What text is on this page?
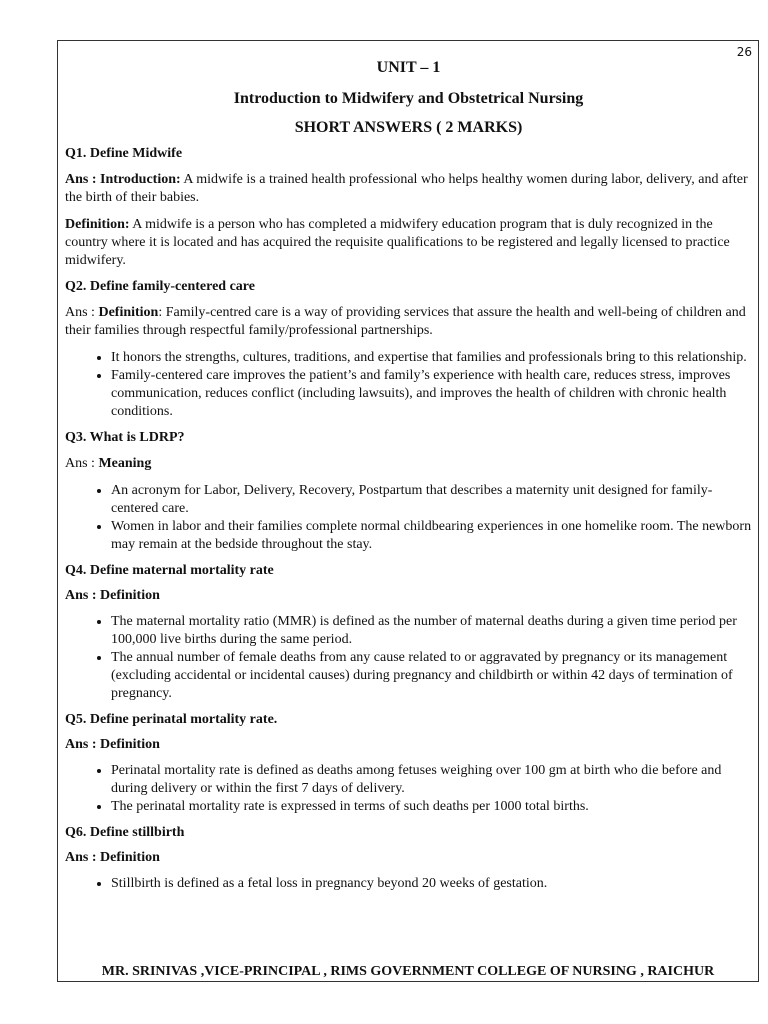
26
UNIT – 1
Introduction to Midwifery and Obstetrical Nursing
SHORT ANSWERS ( 2 MARKS)
Q1. Define Midwife

Ans : Introduction: A midwife is a trained health professional who helps healthy women during labor, delivery, and after the birth of their babies.

Definition: A midwife is a person who has completed a midwifery education program that is duly recognized in the country where it is located and has acquired the requisite qualifications to be registered and legally licensed to practice midwifery.

Q2. Define family-centered care

Ans : Definition: Family-centred care is a way of providing services that assure the health and well-being of children and their families through respectful family/professional partnerships.

• It honors the strengths, cultures, traditions, and expertise that families and professionals bring to this relationship.
• Family-centered care improves the patient’s and family’s experience with health care, reduces stress, improves communication, reduces conflict (including lawsuits), and improves the health of children with chronic health conditions.
Q3. What is LDRP?

Ans : Meaning

• An acronym for Labor, Delivery, Recovery, Postpartum that describes a maternity unit designed for family-centered care.
• Women in labor and their families complete normal childbearing experiences in one homelike room. The newborn may remain at the bedside throughout the stay.
Q4. Define maternal mortality rate
Ans : Definition
• The maternal mortality ratio (MMR) is defined as the number of maternal deaths during a given time period per 100,000 live births during the same period.
• The annual number of female deaths from any cause related to or aggravated by pregnancy or its management (excluding accidental or incidental causes) during pregnancy and childbirth or within 42 days of termination of pregnancy.
Q5. Define perinatal mortality rate.
Ans : Definition
• Perinatal mortality rate is defined as deaths among fetuses weighing over 100 gm at birth who die before and during delivery or within the first 7 days of delivery.
• The perinatal mortality rate is expressed in terms of such deaths per 1000 total births.
Q6. Define stillbirth
Ans : Definition
• Stillbirth is defined as a fetal loss in pregnancy beyond 20 weeks of gestation.
MR. SRINIVAS ,VICE-PRINCIPAL , RIMS GOVERNMENT COLLEGE OF NURSING , RAICHUR
